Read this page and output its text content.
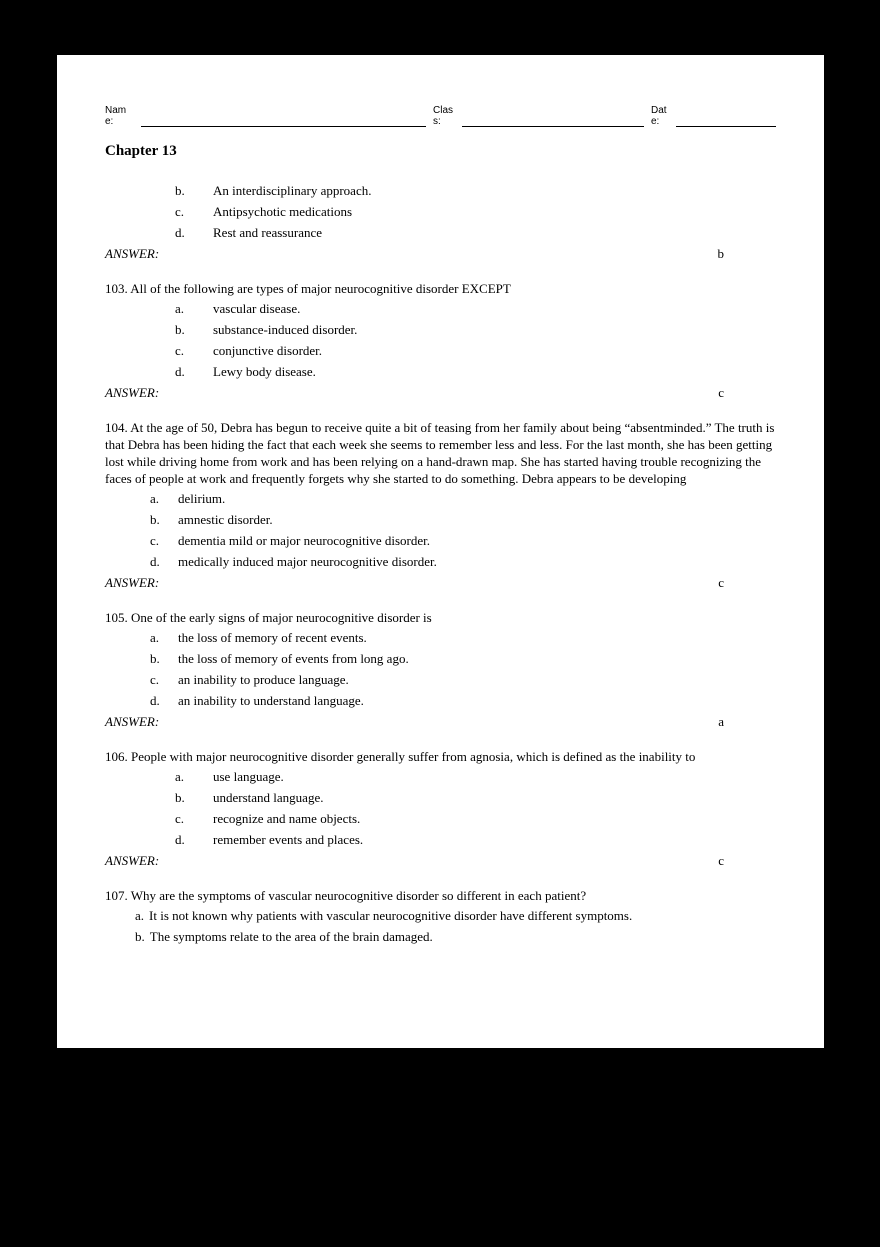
Name:
Class:
Date:
Chapter 13
b.	An interdisciplinary approach.
c.	Antipsychotic medications
d.	Rest and reassurance
ANSWER:	b
103. All of the following are types of major neurocognitive disorder EXCEPT
a.	vascular disease.
b.	substance-induced disorder.
c.	conjunctive disorder.
d.	Lewy body disease.
ANSWER:	c
104. At the age of 50, Debra has begun to receive quite a bit of teasing from her family about being “absentminded.” The truth is that Debra has been hiding the fact that each week she seems to remember less and less. For the last month, she has been getting lost while driving home from work and has been relying on a hand-drawn map. She has started having trouble recognizing the faces of people at work and frequently forgets why she started to do something. Debra appears to be developing
a.	delirium.
b.	amnestic disorder.
c.	dementia mild or major neurocognitive disorder.
d.	medically induced major neurocognitive disorder.
ANSWER:	c
105. One of the early signs of major neurocognitive disorder is
a.	the loss of memory of recent events.
b.	the loss of memory of events from long ago.
c.	an inability to produce language.
d.	an inability to understand language.
ANSWER:	a
106. People with major neurocognitive disorder generally suffer from agnosia, which is defined as the inability to
a.	use language.
b.	understand language.
c.	recognize and name objects.
d.	remember events and places.
ANSWER:	c
107. Why are the symptoms of vascular neurocognitive disorder so different in each patient?
a. It is not known why patients with vascular neurocognitive disorder have different symptoms.
b. The symptoms relate to the area of the brain damaged.
